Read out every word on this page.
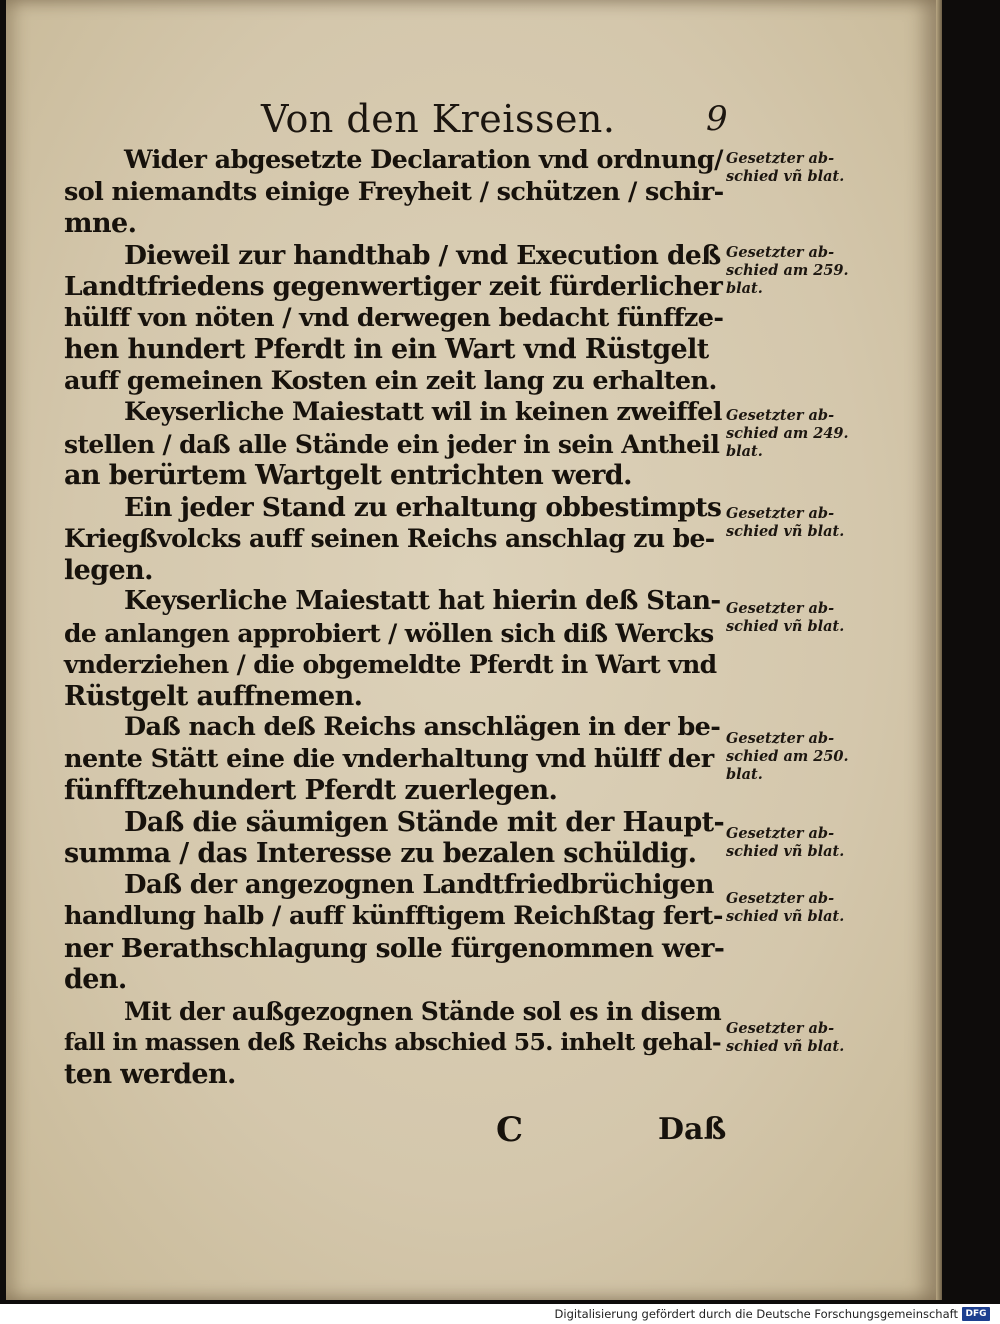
Von den Kreissen.	9
Wider abgesetzte Declaration vnd ordnung/
sol niemandts einige Freyheit / schützen / schir-
mne.
Dieweil zur handthab / vnd Execution deß
Landtfriedens gegenwertiger zeit fürderlicher
hülff von nöten / vnd derwegen bedacht fünffze-
hen hundert Pferdt in ein Wart vnd Rüstgelt
auff gemeinen Kosten ein zeit lang zu erhalten.
Keyserliche Maiestatt wil in keinen zweiffel
stellen / daß alle Stände ein jeder in sein Antheil
an berürtem Wartgelt entrichten werd.
Ein jeder Stand zu erhaltung obbestimpts
Kriegßvolcks auff seinen Reichs anschlag zu be-
legen.
Keyserliche Maiestatt hat hierin deß Stan-
de anlangen approbiert / wöllen sich diß Wercks
vnderziehen / die obgemeldte Pferdt in Wart vnd
Rüstgelt auffnemen.
Daß nach deß Reichs anschlägen in der be-
nente Stätt eine die vnderhaltung vnd hülff der
fünfftzehundert Pferdt zuerlegen.
Daß die säumigen Stände mit der Haupt-
summa / das Interesse zu bezalen schüldig.
Daß der angezognen Landtfriedbrüchigen
handlung halb / auff künfftigem Reichßtag fert-
ner Berathschlagung solle fürgenommen wer-
den.
Mit der außgezognen Stände sol es in disem
fall in massen deß Reichs abschied 55. inhelt gehal-
ten werden.
Gesetzter ab-
schied vñ blat.
Gesetzter ab-
schied am 259.
blat.
Gesetzter ab-
schied am 249.
blat.
Gesetzter ab-
schied vñ blat.
Gesetzter ab-
schied vñ blat.
Gesetzter ab-
schied am 250.
blat.
Gesetzter ab-
schied vñ blat.
Gesetzter ab-
schied vñ blat.
Gesetzter ab-
schied vñ blat.
C	Daß
Digitalisierung gefördert durch die Deutsche Forschungsgemeinschaft DFG
